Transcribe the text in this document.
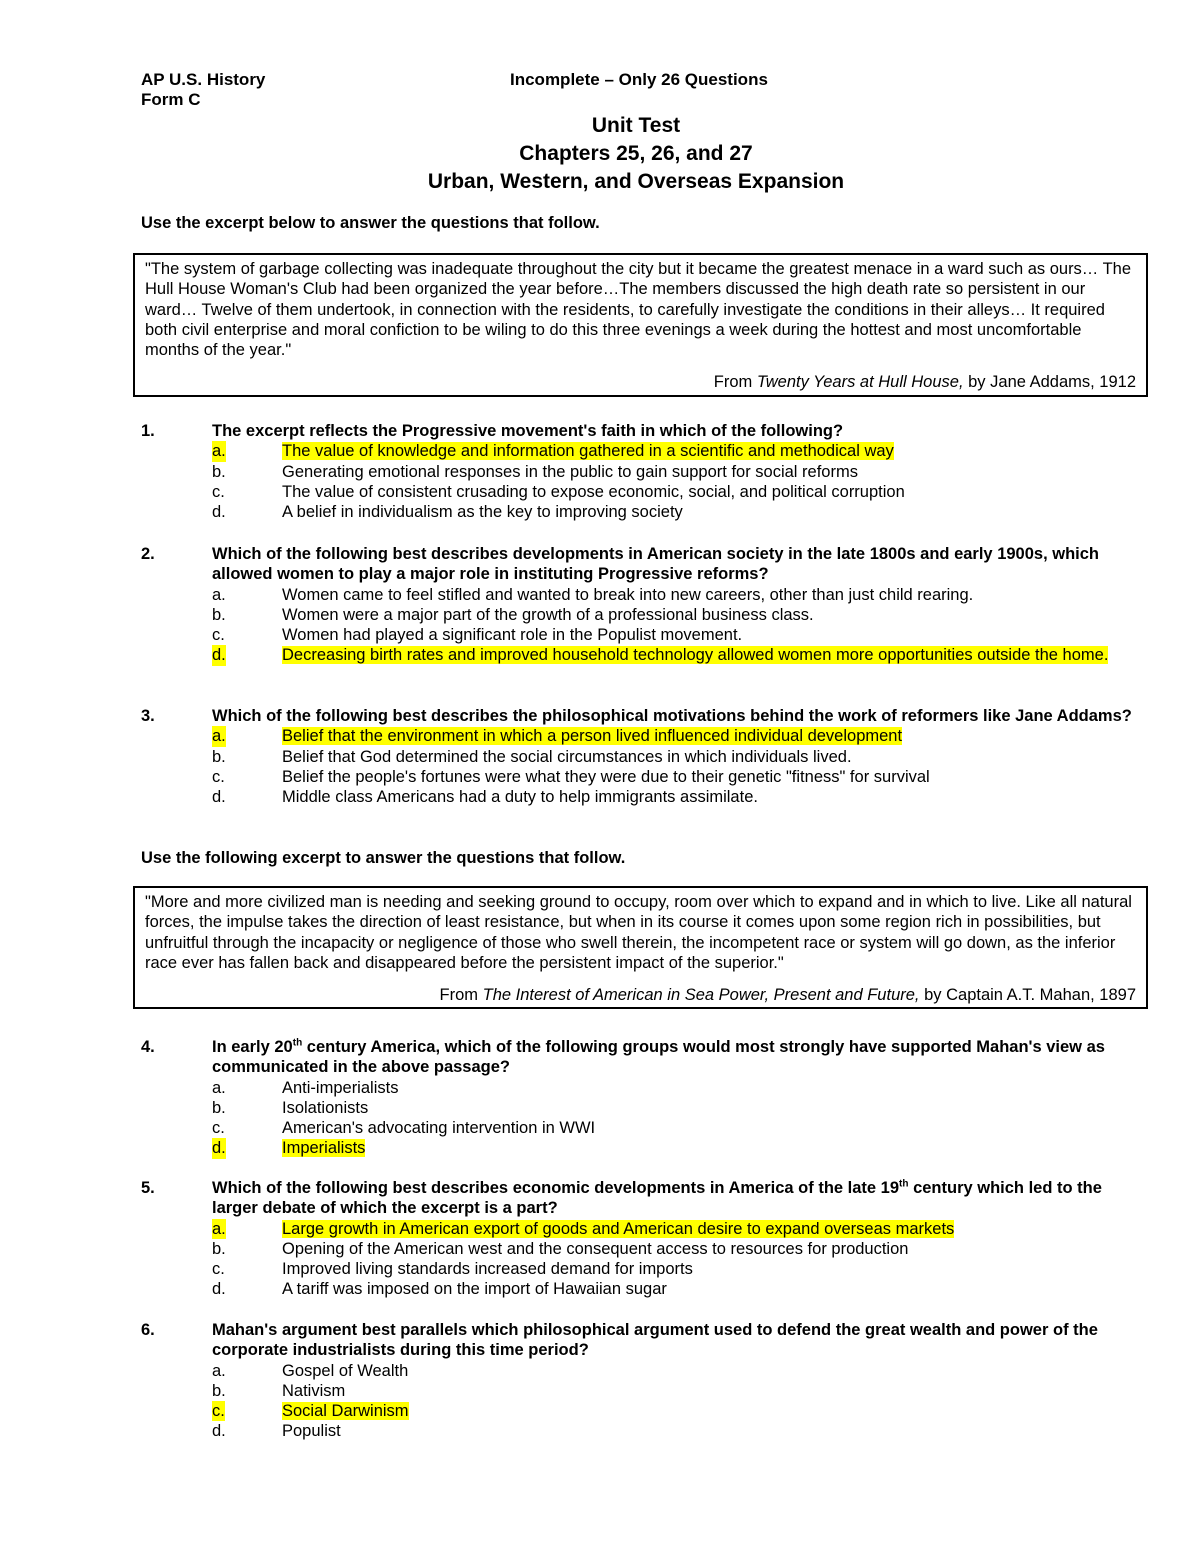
AP U.S. History
Form C
Incomplete – Only 26 Questions
Unit Test
Chapters 25, 26, and 27
Urban, Western, and Overseas Expansion
Use the excerpt below to answer the questions that follow.
"The system of garbage collecting was inadequate throughout the city but it became the greatest menace in a ward such as ours… The Hull House Woman's Club had been organized the year before…The members discussed the high death rate so persistent in our ward… Twelve of them undertook, in connection with the residents, to carefully investigate the conditions in their alleys… It required both civil enterprise and moral confiction to be wiling to do this three evenings a week during the hottest and most uncomfortable months of the year."
From Twenty Years at Hull House, by Jane Addams, 1912
1.	The excerpt reflects the Progressive movement's faith in which of the following?
a.	The value of knowledge and information gathered in a scientific and methodical way
b.	Generating emotional responses in the public to gain support for social reforms
c.	The value of consistent crusading to expose economic, social, and political corruption
d.	A belief in individualism as the key to improving society
2.	Which of the following best describes developments in American society in the late 1800s and early 1900s, which allowed women to play a major role in instituting Progressive reforms?
a.	Women came to feel stifled and wanted to break into new careers, other than just child rearing.
b.	Women were a major part of the growth of a professional business class.
c.	Women had played a significant role in the Populist movement.
d.	Decreasing birth rates and improved household technology allowed women more opportunities outside the home.
3.	Which of the following best describes the philosophical motivations behind the work of reformers like Jane Addams?
a.	Belief that the environment in which a person lived influenced individual development
b.	Belief that God determined the social circumstances in which individuals lived.
c.	Belief the people's fortunes were what they were due to their genetic "fitness" for survival
d.	Middle class Americans had a duty to help immigrants assimilate.
Use the following excerpt to answer the questions that follow.
"More and more civilized man is needing and seeking ground to occupy, room over which to expand and in which to live. Like all natural forces, the impulse takes the direction of least resistance, but when in its course it comes upon some region rich in possibilities, but unfruitful through the incapacity or negligence of those who swell therein, the incompetent race or system will go down, as the inferior race ever has fallen back and disappeared before the persistent impact of the superior."
From The Interest of American in Sea Power, Present and Future, by Captain A.T. Mahan, 1897
4.	In early 20th century America, which of the following groups would most strongly have supported Mahan's view as communicated in the above passage?
a.	Anti-imperialists
b.	Isolationists
c.	American's advocating intervention in WWI
d.	Imperialists
5.	Which of the following best describes economic developments in America of the late 19th century which led to the larger debate of which the excerpt is a part?
a.	Large growth in American export of goods and American desire to expand overseas markets
b.	Opening of the American west and the consequent access to resources for production
c.	Improved living standards increased demand for imports
d.	A tariff was imposed on the import of Hawaiian sugar
6.	Mahan's argument best parallels which philosophical argument used to defend the great wealth and power of the corporate industrialists during this time period?
a.	Gospel of Wealth
b.	Nativism
c.	Social Darwinism
d.	Populist
